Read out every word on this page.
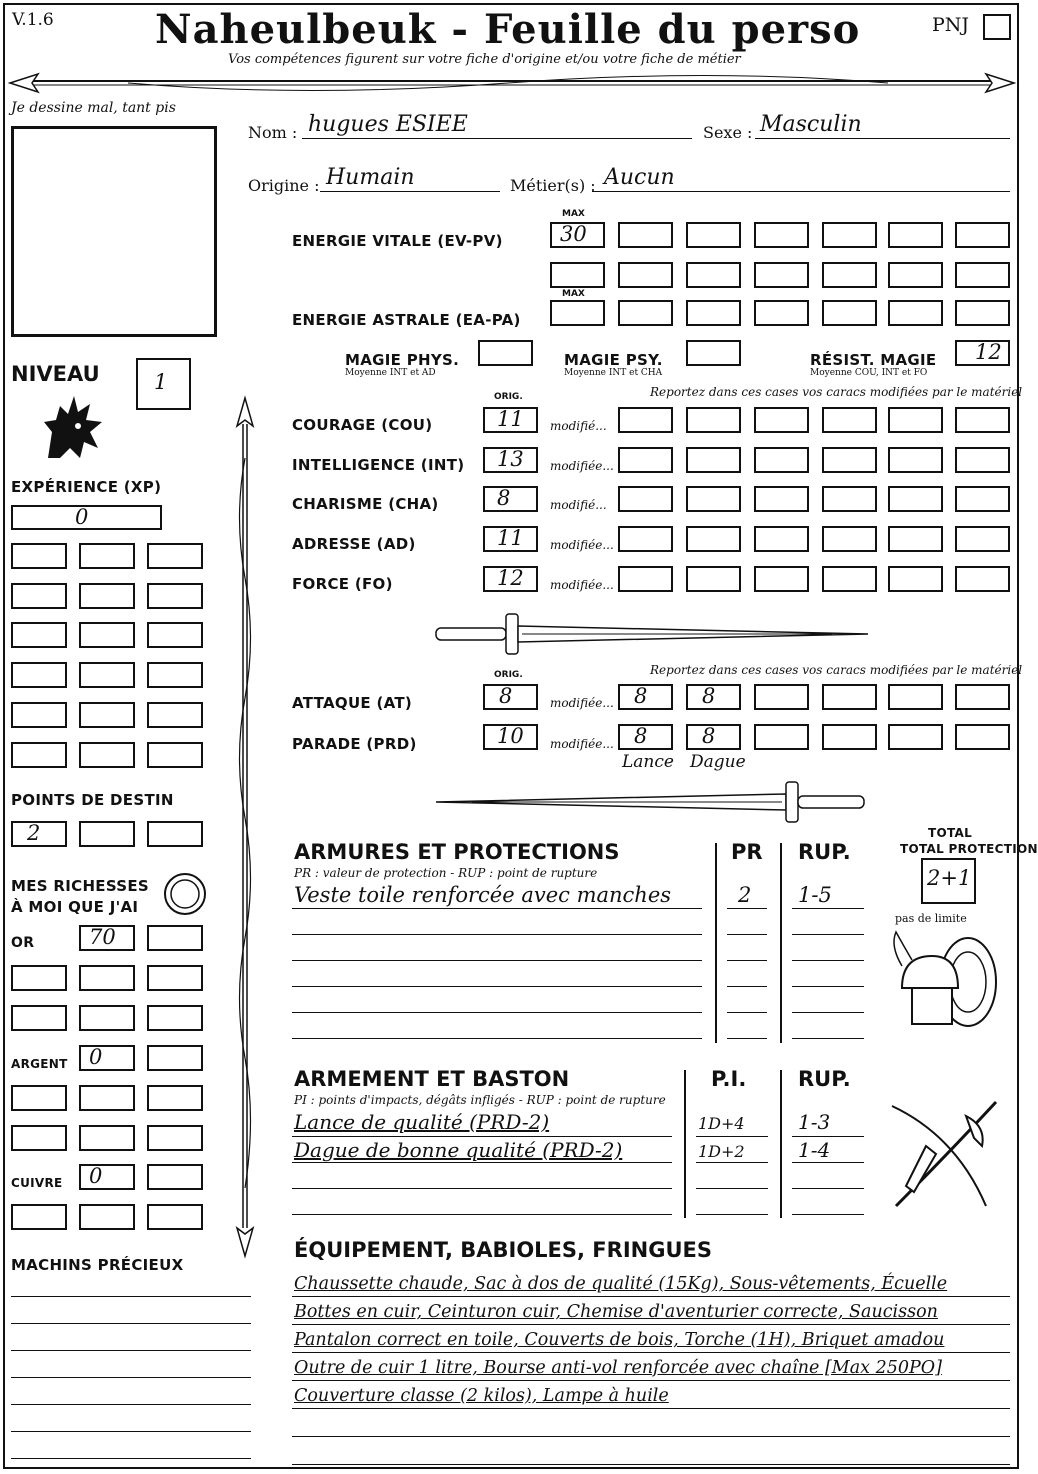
V.1.6	Naheulbeuk - Feuille du perso
Vos compétences figurent sur votre fiche d'origine et/ou votre fiche de métier
PNJ
Je dessine mal, tant pis
Nom : hugues ESIEE	Sexe : Masculin
Origine : Humain	Métier(s) : Aucun
MAX
ENERGIE VITALE (EV-PV)	30
MAX
ENERGIE ASTRALE (EA-PA)
MAGIE PHYS.
Moyenne INT et AD
MAGIE PSY.
Moyenne INT et CHA
RÉSIST. MAGIE
Moyenne COU, INT et FO
12
NIVEAU	1
EXPÉRIENCE (XP)
0
POINTS DE DESTIN
2
MES RICHESSES
À MOI QUE J'AI
OR	70
ARGENT 0
CUIVRE 0
MACHINS PRÉCIEUX
ORIG.	Reportez dans ces cases vos caracs modifiées par le matériel
ORIG.	Reportez dans ces cases vos caracs modifiées par le matériel
ATTAQUE (AT)	8	modifiée... 8	8
PARADE (PRD)	10 modifiée... 8	8
Lance Dague
ARMURES ET PROTECTIONS
PR : valeur de protection - RUP : point de rupture
PR RUP.
TOTAL
TOTAL PROTECTION
2+1
pas de limite
ARMEMENT ET BASTON
PI : points d'impacts, dégâts infligés - RUP : point de rupture
P.I. RUP.
ÉQUIPEMENT, BABIOLES, FRINGUES
COURAGE (COU)	11 modifié...
INTELLIGENCE (INT) 13 modifiée...
CHARISME (CHA)	8	modifié...
ADRESSE (AD)	11 modifiée...
FORCE (FO)	12 modifiée...
Veste toile renforcée avec manches	2 1-5
Lance de qualité (PRD-2)	1D+4	1-3
Dague de bonne qualité (PRD-2)	1D+2	1-4
Chaussette chaude, Sac à dos de qualité (15Kg), Sous-vêtements, Écuelle
Bottes en cuir, Ceinturon cuir, Chemise d'aventurier correcte, Saucisson
Pantalon correct en toile, Couverts de bois, Torche (1H), Briquet amadou
Outre de cuir 1 litre, Bourse anti-vol renforcée avec chaîne [Max 250PO]
Couverture classe (2 kilos), Lampe à huile
